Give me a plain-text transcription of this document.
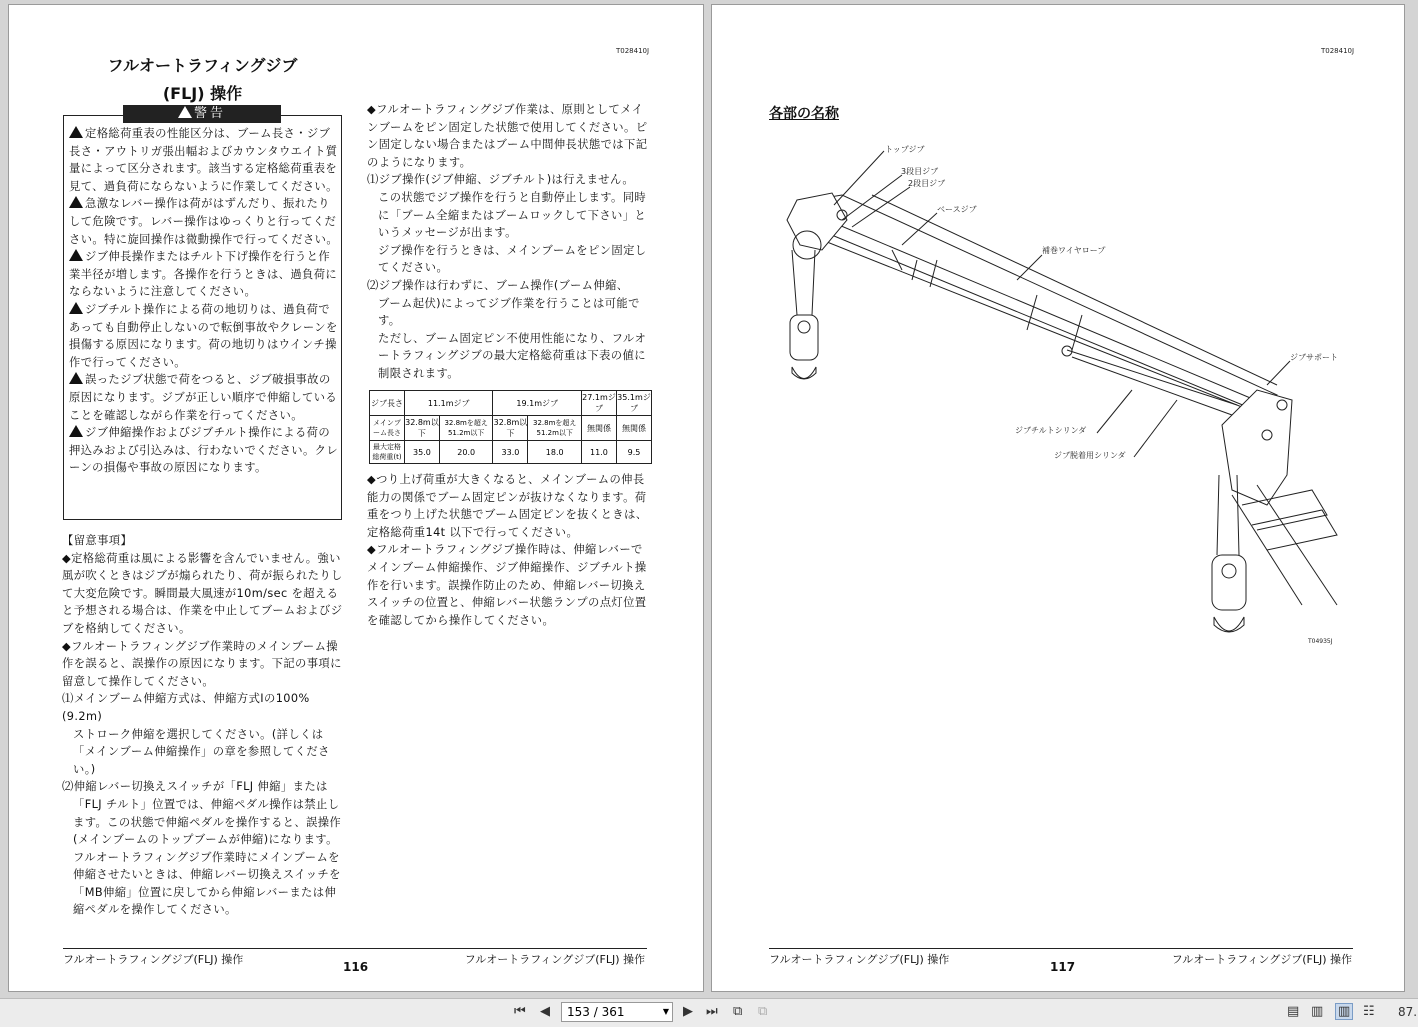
T028410J
フルオートラフィングジブ
(FLJ) 操作
警告

定格総荷重表の性能区分は、ブーム長さ・ジブ長さ・アウトリガ張出幅およびカウンタウエイト質量によって区分されます。該当する定格総荷重表を見て、過負荷にならないように作業してください。

急激なレバー操作は荷がはずんだり、振れたりして危険です。レバー操作はゆっくりと行ってください。特に旋回操作は微動操作で行ってください。

ジブ伸長操作またはチルト下げ操作を行うと作業半径が増します。各操作を行うときは、過負荷にならないように注意してください。

ジブチルト操作による荷の地切りは、過負荷であっても自動停止しないので転倒事故やクレーンを損傷する原因になります。荷の地切りはウインチ操作で行ってください。

誤ったジブ状態で荷をつると、ジブ破損事故の原因になります。ジブが正しい順序で伸縮していることを確認しながら作業を行ってください。

ジブ伸縮操作およびジブチルト操作による荷の押込みおよび引込みは、行わないでください。クレーンの損傷や事故の原因になります。

【留意事項】

◆定格総荷重は風による影響を含んでいません。強い風が吹くときはジブが煽られたり、荷が振られたりして大変危険です。瞬間最大風速が10m/sec を超えると予想される場合は、作業を中止してブームおよびジブを格納してください。

◆フルオートラフィングジブ作業時のメインブーム操作を誤ると、誤操作の原因になります。下記の事項に留意して操作してください。

⑴メインブーム伸縮方式は、伸縮方式Ⅰの100%(9.2m)

ストローク伸縮を選択してください。(詳しくは「メインブーム伸縮操作」の章を参照してください。)

⑵伸縮レバー切換えスイッチが「FLJ 伸縮」または

「FLJ チルト」位置では、伸縮ペダル操作は禁止します。この状態で伸縮ペダルを操作すると、誤操作(メインブームのトップブームが伸縮)になります。

フルオートラフィングジブ作業時にメインブームを伸縮させたいときは、伸縮レバー切換えスイッチを「MB伸縮」位置に戻してから伸縮レバーまたは伸縮ペダルを操作してください。

◆フルオートラフィングジブ作業は、原則としてメインブームをピン固定した状態で使用してください。ピン固定しない場合またはブーム中間伸長状態では下記のようになります。

⑴ジブ操作(ジブ伸縮、ジブチルト)は行えません。

この状態でジブ操作を行うと自動停止します。同時に「ブーム全縮またはブームロックして下さい」というメッセージが出ます。

ジブ操作を行うときは、メインブームをピン固定してください。

⑵ジブ操作は行わずに、ブーム操作(ブーム伸縮、

ブーム起伏)によってジブ作業を行うことは可能です。

ただし、ブーム固定ピン不使用性能になり、フルオートラフィングジブの最大定格総荷重は下表の値に制限されます。

ジブ長さ	11.1mジブ		19.1mジブ		27.1mジブ	35.1mジブ
メインブーム長さ	32.8m以下	32.8mを超え51.2m以下	32.8m以下	32.8mを超え51.2m以下	無関係	無関係
最大定格総荷重(t)	35.0	20.0	33.0	18.0	11.0	9.5

◆つり上げ荷重が大きくなると、メインブームの伸長能力の関係でブーム固定ピンが抜けなくなります。荷重をつり上げた状態でブーム固定ピンを抜くときは、定格総荷重14t 以下で行ってください。

◆フルオートラフィングジブ操作時は、伸縮レバーでメインブーム伸縮操作、ジブ伸縮操作、ジブチルト操作を行います。誤操作防止のため、伸縮レバー切換えスイッチの位置と、伸縮レバー状態ランプの点灯位置を確認してから操作してください。

フルオートラフィングジブ(FLJ) 操作	フルオートラフィングジブ(FLJ) 操作
116
T028410J
各部の名称
トップジブ
3段目ジブ
2段目ジブ
ベースジブ
補巻ワイヤロープ
ジブサポート
ジブチルトシリンダ
ジブ脱着用シリンダ
T04935J
フルオートラフィングジブ(FLJ) 操作	フルオートラフィングジブ(FLJ) 操作
117
⏮ ◀	153 / 361	▼ ▶ ⏭ ⧉ ⧉	▤ ▥ ▥ ☷ 87.
